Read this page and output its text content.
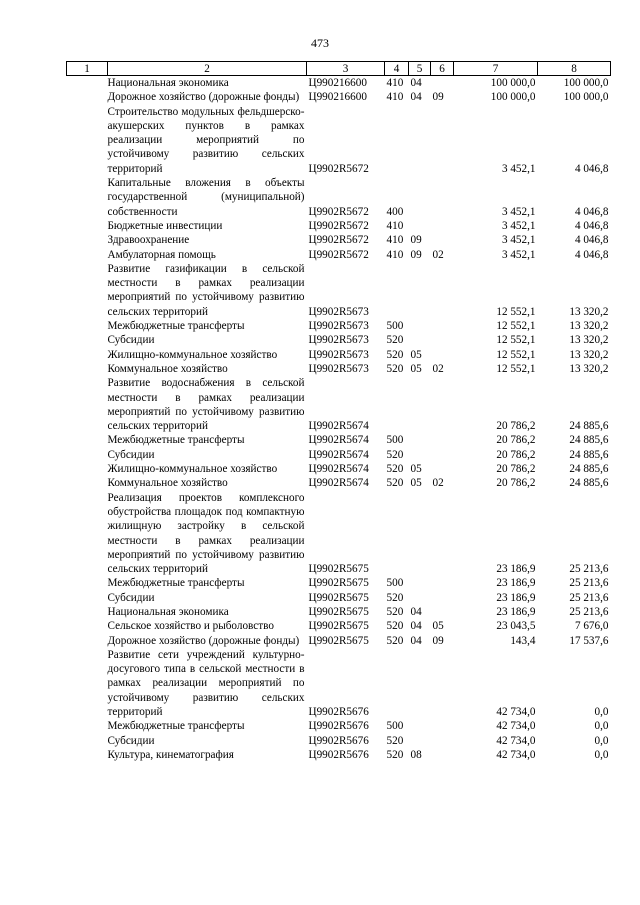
473
1	2	3	4	5	6	7	8
	Национальная экономика	Ц990216600	410	04		100 000,0	100 000,0
	Дорожное хозяйство (дорожные фонды)	Ц990216600	410	04	09	100 000,0	100 000,0
	Строительство модульных фельдшерско-акушерских пунктов в рамках реализации мероприятий по устойчивому развитию сельских территорий	Ц9902R5672				3 452,1	4 046,8
	Капитальные вложения в объекты государственной (муниципальной) собственности	Ц9902R5672	400			3 452,1	4 046,8
	Бюджетные инвестиции	Ц9902R5672	410			3 452,1	4 046,8
	Здравоохранение	Ц9902R5672	410	09		3 452,1	4 046,8
	Амбулаторная помощь	Ц9902R5672	410	09	02	3 452,1	4 046,8
	Развитие газификации в сельской местности в рамках реализации мероприятий по устойчивому развитию сельских территорий	Ц9902R5673				12 552,1	13 320,2
	Межбюджетные трансферты	Ц9902R5673	500			12 552,1	13 320,2
	Субсидии	Ц9902R5673	520			12 552,1	13 320,2
	Жилищно-коммунальное хозяйство	Ц9902R5673	520	05		12 552,1	13 320,2
	Коммунальное хозяйство	Ц9902R5673	520	05	02	12 552,1	13 320,2
	Развитие водоснабжения в сельской местности в рамках реализации мероприятий по устойчивому развитию сельских территорий	Ц9902R5674				20 786,2	24 885,6
	Межбюджетные трансферты	Ц9902R5674	500			20 786,2	24 885,6
	Субсидии	Ц9902R5674	520			20 786,2	24 885,6
	Жилищно-коммунальное хозяйство	Ц9902R5674	520	05		20 786,2	24 885,6
	Коммунальное хозяйство	Ц9902R5674	520	05	02	20 786,2	24 885,6
	Реализация проектов комплексного обустройства площадок под компактную жилищную застройку в сельской местности в рамках реализации мероприятий по устойчивому развитию сельских территорий	Ц9902R5675				23 186,9	25 213,6
	Межбюджетные трансферты	Ц9902R5675	500			23 186,9	25 213,6
	Субсидии	Ц9902R5675	520			23 186,9	25 213,6
	Национальная экономика	Ц9902R5675	520	04		23 186,9	25 213,6
	Сельское хозяйство и рыболовство	Ц9902R5675	520	04	05	23 043,5	7 676,0
	Дорожное хозяйство (дорожные фонды)	Ц9902R5675	520	04	09	143,4	17 537,6
	Развитие сети учреждений культурно-досугового типа в сельской местности в рамках реализации мероприятий по устойчивому развитию сельских территорий	Ц9902R5676				42 734,0	0,0
	Межбюджетные трансферты	Ц9902R5676	500			42 734,0	0,0
	Субсидии	Ц9902R5676	520			42 734,0	0,0
	Культура, кинематография	Ц9902R5676	520	08		42 734,0	0,0
